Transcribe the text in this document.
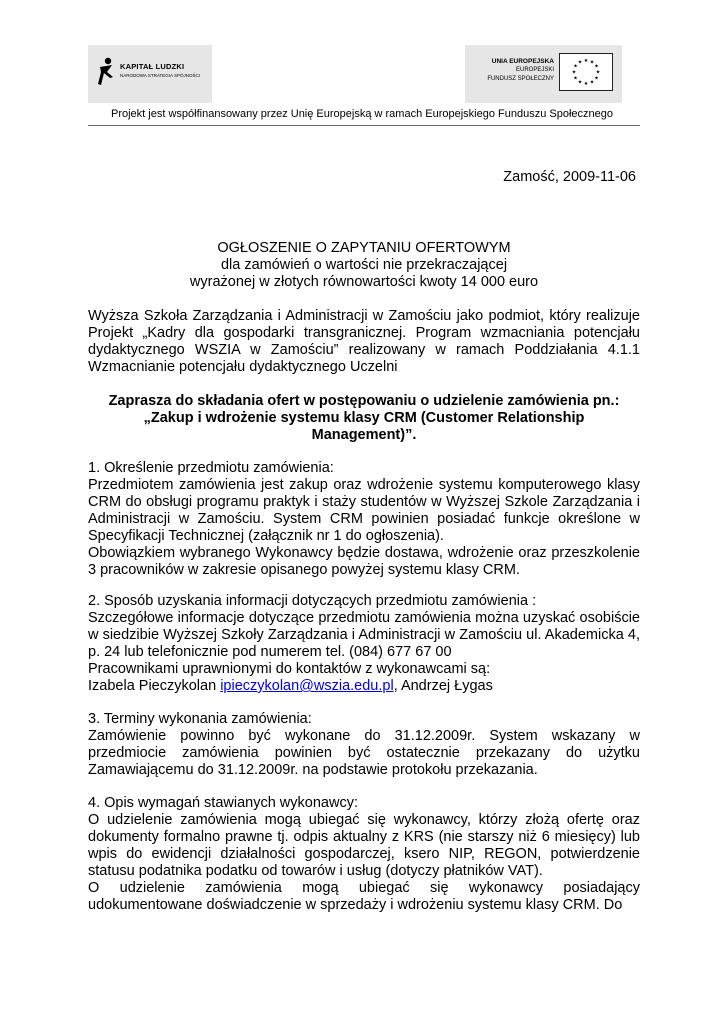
KAPITAŁ LUDZKI
NARODOWA STRATEGIA SPÓJNOŚCI
UNIA EUROPEJSKA
EUROPEJSKI
FUNDUSZ SPOŁECZNY
★ ★
★
★
★
★
★
★
★
★
★
★
Projekt jest współfinansowany przez Unię Europejską w ramach Europejskiego Funduszu Społecznego
Zamość, 2009-11-06
OGŁOSZENIE O ZAPYTANIU OFERTOWYM
dla zamówień o wartości nie przekraczającej
wyrażonej w złotych równowartości kwoty 14 000 euro

Wyższa Szkoła Zarządzania i Administracji w Zamościu jako podmiot, który realizuje Projekt „Kadry dla gospodarki transgranicznej. Program wzmacniania potencjału dydaktycznego WSZIA w Zamościu” realizowany w ramach Poddziałania 4.1.1 Wzmacnianie potencjału dydaktycznego Uczelni

Zaprasza do składania ofert w postępowaniu o udzielenie zamówienia pn.:
„Zakup i wdrożenie systemu klasy CRM (Customer Relationship
Management)”.

1. Określenie przedmiotu zamówienia:

Przedmiotem zamówienia jest zakup oraz wdrożenie systemu komputerowego klasy CRM do obsługi programu praktyk i staży studentów w Wyższej Szkole Zarządzania i Administracji w Zamościu. System CRM powinien posiadać funkcje określone w Specyfikacji Technicznej (załącznik nr 1 do ogłoszenia).

Obowiązkiem wybranego Wykonawcy będzie dostawa, wdrożenie oraz przeszkolenie 3 pracowników w zakresie opisanego powyżej systemu klasy CRM.

2. Sposób uzyskania informacji dotyczących przedmiotu zamówienia :

Szczegółowe informacje dotyczące przedmiotu zamówienia można uzyskać osobiście w siedzibie Wyższej Szkoły Zarządzania i Administracji w Zamościu ul. Akademicka 4, p. 24 lub telefonicznie pod numerem tel. (084) 677 67 00

Pracownikami uprawnionymi do kontaktów z wykonawcami są:

Izabela Pieczykolan ipieczykolan@wszia.edu.pl, Andrzej Łygas

3. Terminy wykonania zamówienia:

Zamówienie powinno być wykonane do 31.12.2009r. System wskazany w przedmiocie zamówienia powinien być ostatecznie przekazany do użytku Zamawiającemu do 31.12.2009r. na podstawie protokołu przekazania.

4. Opis wymagań stawianych wykonawcy:

O udzielenie zamówienia mogą ubiegać się wykonawcy, którzy złożą ofertę oraz dokumenty formalno prawne tj. odpis aktualny z KRS (nie starszy niż 6 miesięcy) lub wpis do ewidencji działalności gospodarczej, ksero NIP, REGON, potwierdzenie statusu podatnika podatku od towarów i usług (dotyczy płatników VAT).

O udzielenie zamówienia mogą ubiegać się wykonawcy posiadający udokumentowane doświadczenie w sprzedaży i wdrożeniu systemu klasy CRM. Do
